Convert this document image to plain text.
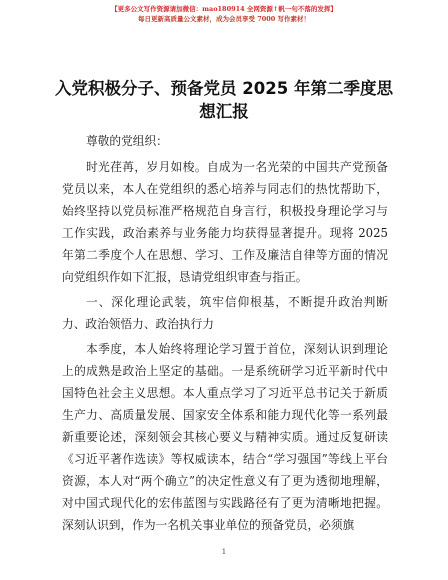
【更多公文写作资源请加微信：mao180914 全网资源↑帆一句不落的发挥】
每日更新高质量公文素材，成为会员享受 7000 写作素材！
入党积极分子、预备党员 2025 年第二季度思想汇报

尊敬的党组织：

时光荏苒，岁月如梭。自成为一名光荣的中国共产党预备党员以来，本人在党组织的悉心培养与同志们的热忱帮助下，始终坚持以党员标准严格规范自身言行，积极投身理论学习与工作实践，政治素养与业务能力均获得显著提升。现将 2025 年第二季度个人在思想、学习、工作及廉洁自律等方面的情况向党组织作如下汇报，恳请党组织审查与指正。

一、深化理论武装，筑牢信仰根基，不断提升政治判断力、政治领悟力、政治执行力

本季度，本人始终将理论学习置于首位，深刻认识到理论上的成熟是政治上坚定的基础。一是系统研学习近平新时代中国特色社会主义思想。本人重点学习了习近平总书记关于新质生产力、高质量发展、国家安全体系和能力现代化等一系列最新重要论述，深刻领会其核心要义与精神实质。通过反复研读《习近平著作选读》等权威读本，结合“学习强国”等线上平台资源，本人对“两个确立”的决定性意义有了更为透彻地理解，对中国式现代化的宏伟蓝图与实践路径有了更为清晰地把握。深刻认识到，作为一名机关事业单位的预备党员，必须旗

1
